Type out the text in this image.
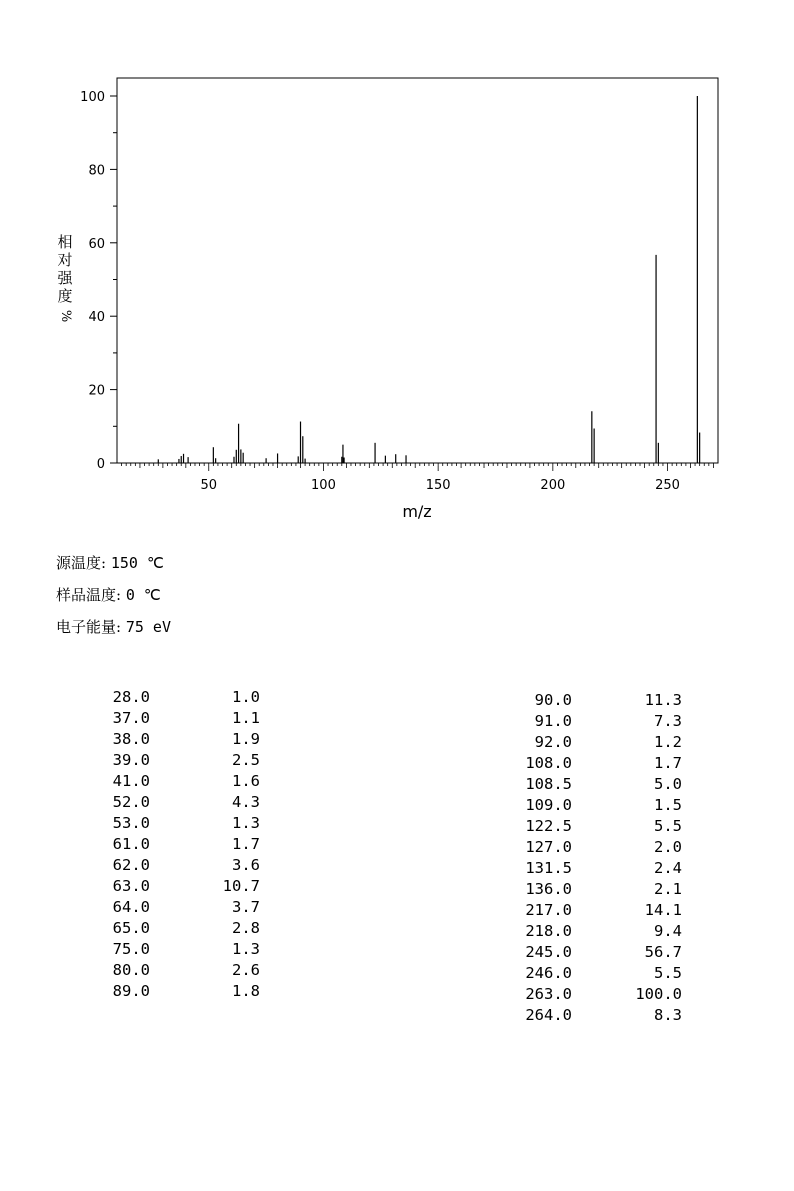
0
20
40
60
80
100
50	100	150	200	250
m/z
相对强度
%
源温度: 150 ℃
样品温度: 0 ℃
电子能量: 75 eV
28.0	1.0
37.0	1.1
38.0	1.9
39.0	2.5
41.0	1.6
52.0	4.3
53.0	1.3
61.0	1.7
62.0	3.6
63.0	10.7
64.0	3.7
65.0	2.8
75.0	1.3
80.0	2.6
89.0	1.8
90.0	11.3
91.0	7.3
92.0	1.2
108.0	1.7
108.5	5.0
109.0	1.5
122.5	5.5
127.0	2.0
131.5	2.4
136.0	2.1
217.0	14.1
218.0	9.4
245.0	56.7
246.0	5.5
263.0	100.0
264.0	8.3
